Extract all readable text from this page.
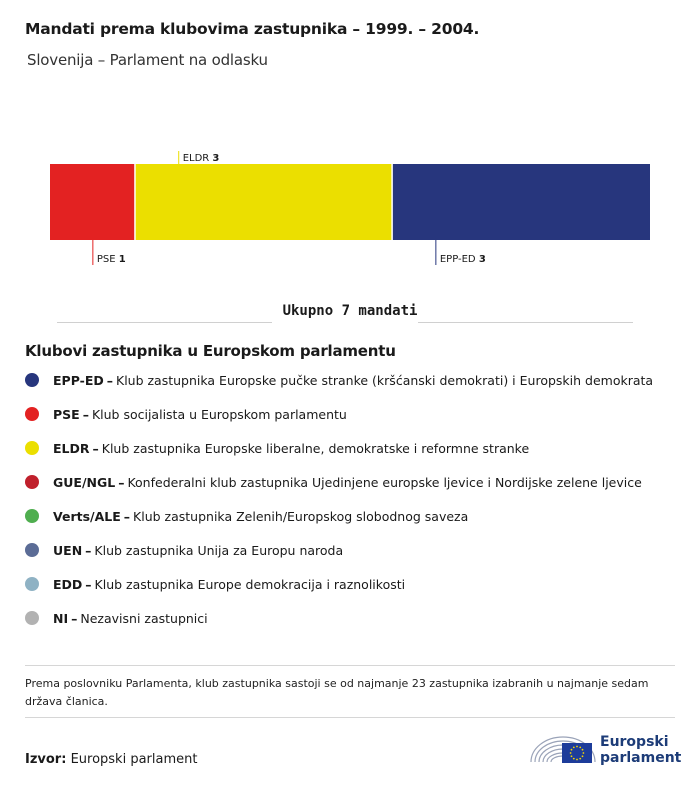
Mandati prema klubovima zastupnika – 1999. – 2004.
Slovenija – Parlament na odlasku
PSE 1
ELDR 3
EPP-ED 3
Ukupno 7 mandati
Klubovi zastupnika u Europskom parlamentu
EPP-ED – Klub zastupnika Europske pučke stranke (kršćanski demokrati) i Europskih demokrata
PSE – Klub socijalista u Europskom parlamentu
ELDR – Klub zastupnika Europske liberalne, demokratske i reformne stranke
GUE/NGL – Konfederalni klub zastupnika Ujedinjene europske ljevice i Nordijske zelene ljevice
Verts/ALE – Klub zastupnika Zelenih/Europskog slobodnog saveza
UEN – Klub zastupnika Unija za Europu naroda
EDD – Klub zastupnika Europe demokracija i raznolikosti
NI – Nezavisni zastupnici
Prema poslovniku Parlamenta, klub zastupnika sastoji se od najmanje 23 zastupnika izabranih u najmanje sedam država članica.
Izvor: Europski parlament
Europski
parlament
